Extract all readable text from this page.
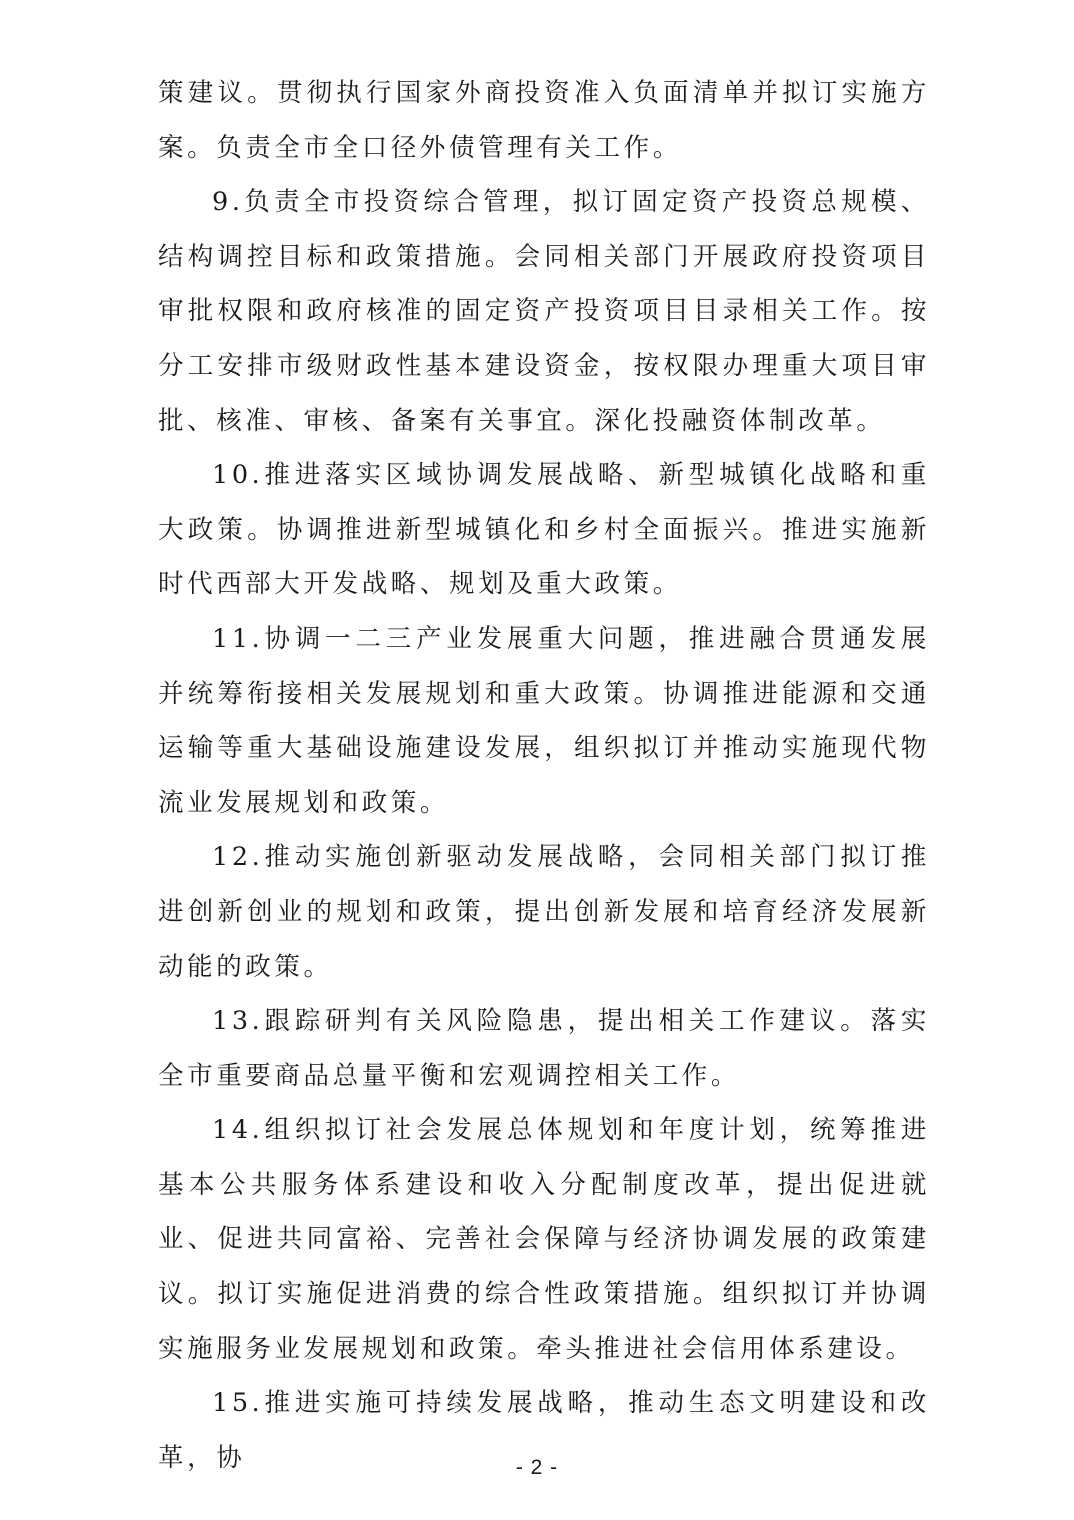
策建议。贯彻执行国家外商投资准入负面清单并拟订实施方案。负责全市全口径外债管理有关工作。

9.负责全市投资综合管理，拟订固定资产投资总规模、结构调控目标和政策措施。会同相关部门开展政府投资项目审批权限和政府核准的固定资产投资项目目录相关工作。按分工安排市级财政性基本建设资金，按权限办理重大项目审批、核准、审核、备案有关事宜。深化投融资体制改革。

10.推进落实区域协调发展战略、新型城镇化战略和重大政策。协调推进新型城镇化和乡村全面振兴。推进实施新时代西部大开发战略、规划及重大政策。

11.协调一二三产业发展重大问题，推进融合贯通发展并统筹衔接相关发展规划和重大政策。协调推进能源和交通运输等重大基础设施建设发展，组织拟订并推动实施现代物流业发展规划和政策。

12.推动实施创新驱动发展战略，会同相关部门拟订推进创新创业的规划和政策，提出创新发展和培育经济发展新动能的政策。

13.跟踪研判有关风险隐患，提出相关工作建议。落实全市重要商品总量平衡和宏观调控相关工作。

14.组织拟订社会发展总体规划和年度计划，统筹推进基本公共服务体系建设和收入分配制度改革，提出促进就业、促进共同富裕、完善社会保障与经济协调发展的政策建议。拟订实施促进消费的综合性政策措施。组织拟订并协调实施服务业发展规划和政策。牵头推进社会信用体系建设。

15.推进实施可持续发展战略，推动生态文明建设和改革，协	- 2 -
